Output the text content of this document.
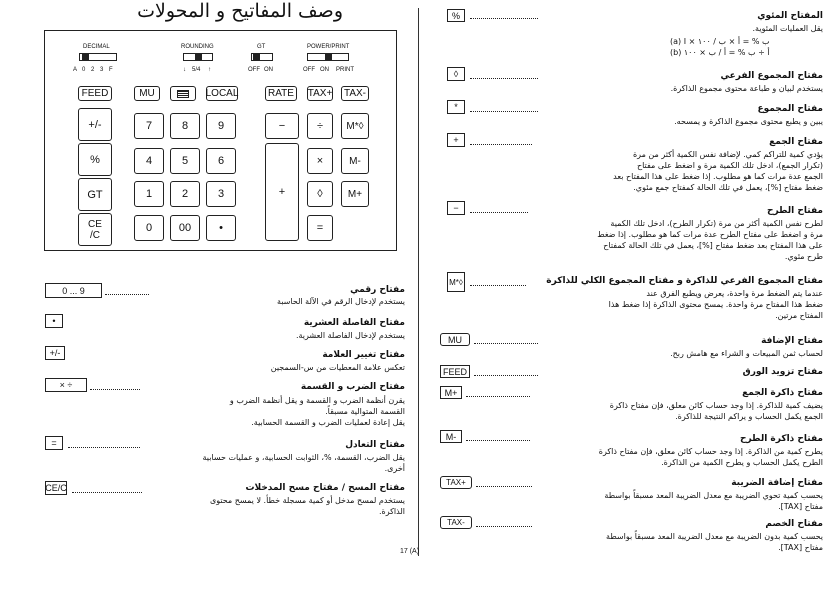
وصف المفاتيح و المحولات
DECIMAL
A 0 2 3 F
ROUNDING
↓ 5/4 ↑
GT
OFF ON
POWER/PRINT
OFF ON PRINT
FEED	MU	LOCAL	RATE	TAX+ TAX-
+/-
%
GT
CE /C
7	8	9
4	5	6
1	2	3
0	00	•
−
+
÷
×
◊
=
M*◊
M-
M+
0 ... 9	مفتاح رقمي
يستخدم لإدخال الرقم في الآلة الحاسبة
•	مفتاح الفاصلة العشرية
يستخدم لإدخال الفاصلة العشرية.
+/-	مفتاح تغيير العلامة
تعكس علامة المعطيات من س-السمجين
× ÷	مفتاح الضرب و القسمة
يقرن أنظمة الضرب و القسمة و يقل أنظمة الضرب و
القسمة المتوالية مسبقاً.
يقل إعادة لعمليات الضرب و القسمة الحسابية.
=	مفتاح التعادل
يقل الضرب، القسمة، %، الثوابت الحسابية، و عمليات حسابية
أخرى.
CE/C	مفتاح المسح / مفتاح مسح المدخلات
يستخدم لمسح مدخل أو كمية مسجلة خطأ. لا يمسح محتوى
الذاكرة.
%	المفتاح المئوي
يقل العمليات المئوية.
(a) I × ب % = أ × ب / ١٠٠
(b) أ ÷ ب % = أ / ب × ١٠٠
◊	مفتاح المجموع الفرعي
يستخدم لبيان و طباعة محتوى مجموع الذاكرة.
*	مفتاح المجموع
يبين و يطبع محتوى مجموع الذاكرة و يمسحه.
+	مفتاح الجمع
يؤدي كمية للتراكم كمي. لإضافة نفس الكمية أكثر من مرة
(تكرار الجمع)، ادخل تلك الكمية مرة و اضغط على مفتاح
الجمع عدة مرات كما هو مطلوب. إذا ضغط على هذا المفتاح بعد
ضغط مفتاح [%]، يعمل في تلك الحالة كمفتاح جمع مئوي.
−	مفتاح الطرح
لطرح نفس الكمية أكثر من مرة (تكرار الطرح)، ادخل تلك الكمية
مرة و اضغط على مفتاح الطرح عدة مرات كما هو مطلوب. إذا ضغط
على هذا المفتاح بعد ضغط مفتاح [%]، يعمل في تلك الحالة كمفتاح
طرح مئوي.
M*◊	مفتاح المجموع الفرعي للذاكرة و مفتاح المجموع الكلي للذاكرة
عندما يتم الضغط مرة واحدة، يعرض ويطبع الفرق عند
ضغط هذا المفتاح مرة واحدة. يمسح محتوى الذاكرة إذا ضغط هذا
المفتاح مرتين.
MU	مفتاح الإضافة
لحساب ثمن المبيعات و الشراء مع هامش ربح.
FEED	مفتاح تزويد الورق
M+	مفتاح ذاكرة الجمع
يضيف كمية للذاكرة. إذا وجد حساب كائن معلق، فإن مفتاح ذاكرة
الجمع يكمل الحساب و يراكم النتيجة للذاكرة.
M-	مفتاح ذاكرة الطرح
يطرح كمية من الذاكرة. إذا وجد حساب كائن معلق، فإن مفتاح ذاكرة
الطرح يكمل الحساب و يطرح الكمية من الذاكرة.
TAX+	مفتاح إضافة الضريبة
يحسب كمية تحوي الضريبة مع معدل الضريبة المعد مسبقاً بواسطة
مفتاح [TAX].
TAX-	مفتاح الخصم
يحسب كمية بدون الضريبة مع معدل الضريبة المعد مسبقاً بواسطة
مفتاح [TAX].
17 (A)
